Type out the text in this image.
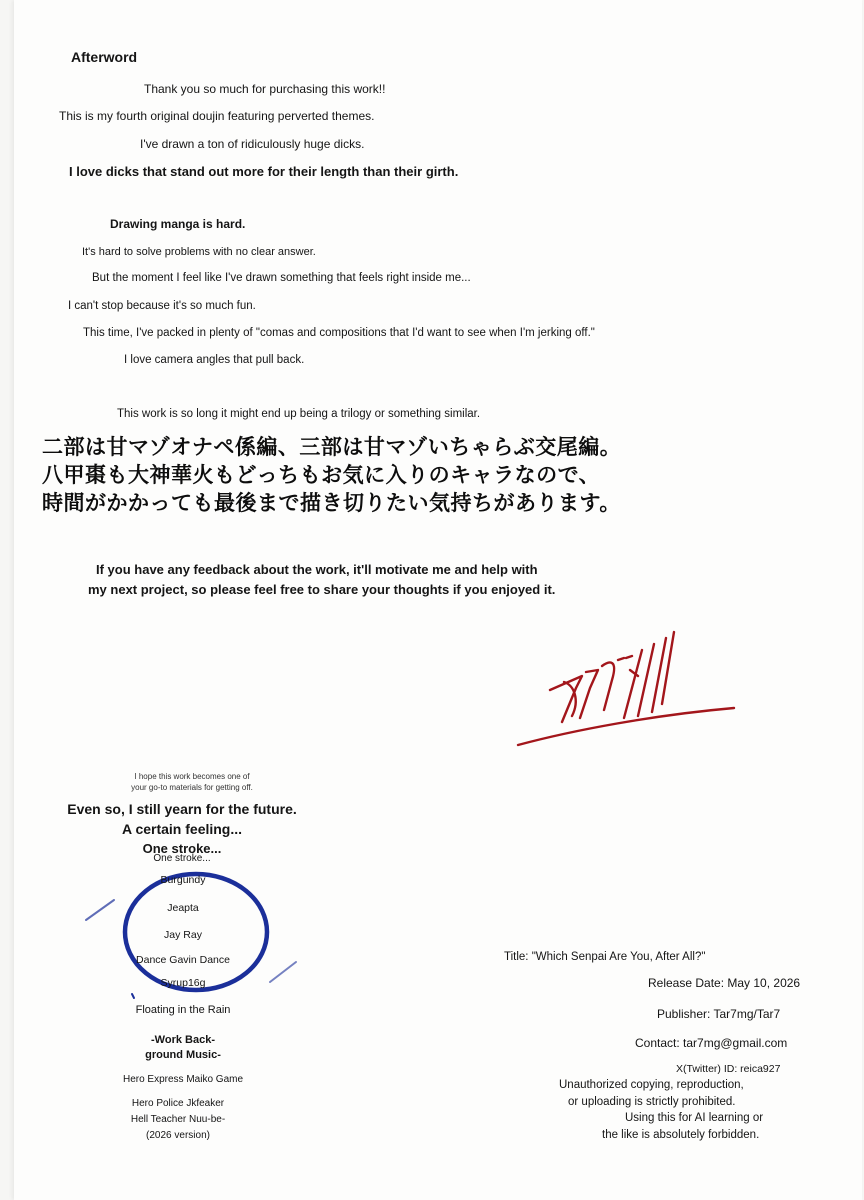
Afterword
Thank you so much for purchasing this work!!
This is my fourth original doujin featuring perverted themes.
I've drawn a ton of ridiculously huge dicks.
I love dicks that stand out more for their length than their girth.
Drawing manga is hard.
It's hard to solve problems with no clear answer.
But the moment I feel like I've drawn something that feels right inside me...
I can't stop because it's so much fun.
This time, I've packed in plenty of "comas and compositions that I'd want to see when I'm jerking off."
I love camera angles that pull back.
This work is so long it might end up being a trilogy or something similar.
二部は甘マゾオナペ係編、三部は甘マゾいちゃらぶ交尾編。
八甲棗も大神華火もどっちもお気に入りのキャラなので、
時間がかかっても最後まで描き切りたい気持ちがあります。
If you have any feedback about the work, it'll motivate me and help with
my next project, so please feel free to share your thoughts if you enjoyed it.
I hope this work becomes one of
your go-to materials for getting off.
Even so, I still yearn for the future.
A certain feeling...
One stroke...
One stroke...
Burgundy
Jeapta
Jay Ray
Dance Gavin Dance
Syrup16g
Floating in the Rain
-Work Back-
ground Music-
Hero Express Maiko Game
Hero Police Jkfeaker
Hell Teacher Nuu-be-
(2026 version)
Title: "Which Senpai Are You, After All?"
Release Date: May 10, 2026
Publisher: Tar7mg/Tar7
Contact: tar7mg@gmail.com
X(Twitter) ID: reica927
Unauthorized copying, reproduction,
or uploading is strictly prohibited.
Using this for AI learning or
the like is absolutely forbidden.
